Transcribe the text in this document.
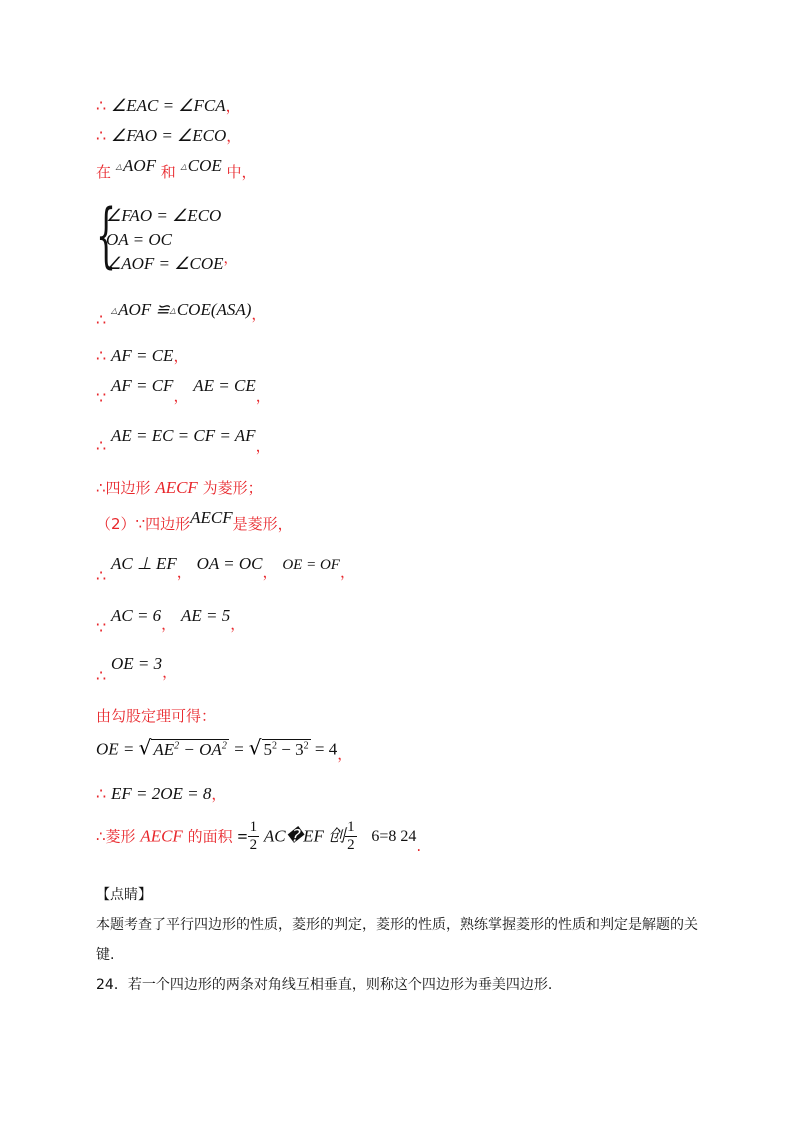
∴ ∠EAC = ∠FCA，
∴ ∠FAO = ∠ECO，
在 △AOF 和 △COE 中，
{
∠FAO = ∠ECO
OA = OC
∠AOF = ∠COE，
∴ △AOF ≌△COE(ASA)，
∴ AF = CE，
∵ AF = CF， AE = CE，
∴ AE = EC = CF = AF，
∴四边形 AECF 为菱形；
（2）∵四边形AECF是菱形，
∴ AC ⊥ EF， OA = OC， OE = OF，
∵ AC = 6， AE = 5，
∴ OE = 3，
由勾股定理可得：
OE = √ $AE^2 - OA^2$ = √ $5^2 - 3^2 = 4$，
∴ EF = 2OE = 8，
∴菱形 AECF 的面积 = $\frac{1}{2}$ AC�EF 创 $\frac{1}{2} 6=8$ 24.
【点睛】
本题考查了平行四边形的性质，菱形的判定，菱形的性质，熟练掌握菱形的性质和判定是解题的关键.
24．若一个四边形的两条对角线互相垂直，则称这个四边形为垂美四边形.
